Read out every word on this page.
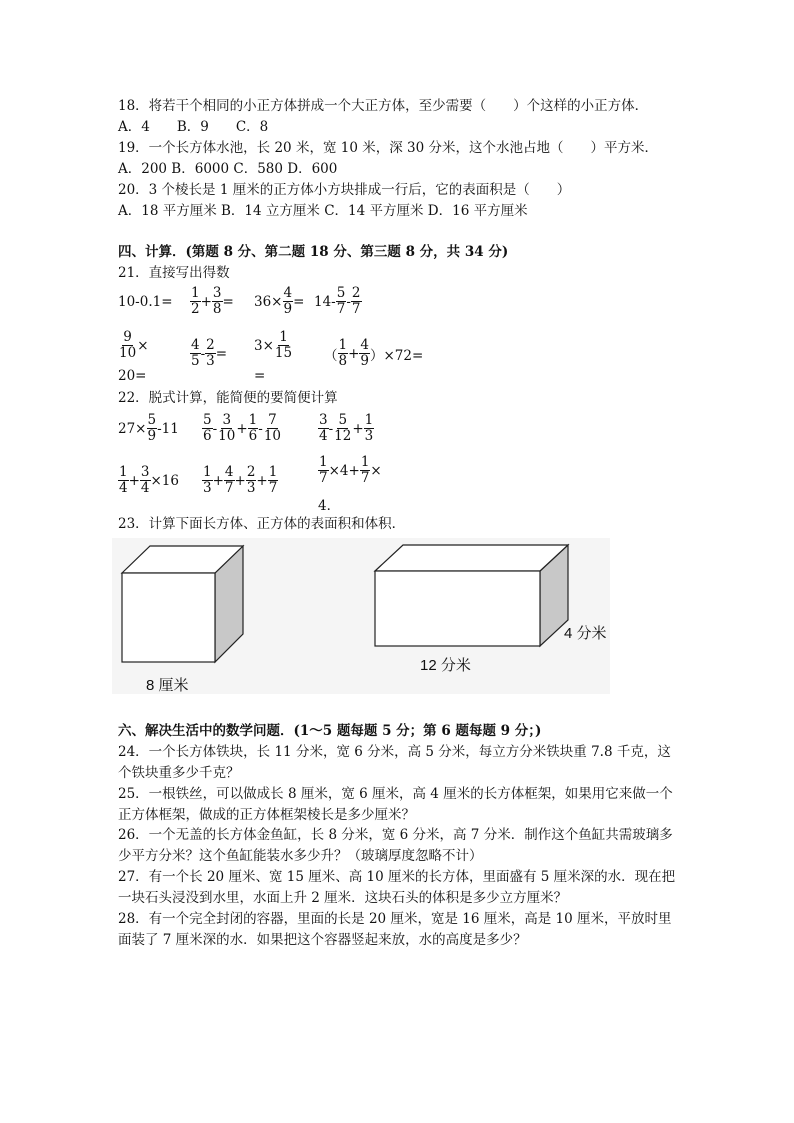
18．将若干个相同的小正方体拼成一个大正方体，至少需要（　　）个这样的小正方体．
A．4　　B．9　　C．8
19．一个长方体水池，长 20 米，宽 10 米，深 30 分米，这个水池占地（　　）平方米．
A．200 B．6000 C．580 D．600
20．3 个棱长是 1 厘米的正方体小方块排成一行后，它的表面积是（　　）
A．18 平方厘米 B．14 立方厘米 C．14 平方厘米 D．16 平方厘米
四、计算．(第题 8 分、第二题 18 分、第三题 8 分，共 34 分)
21．直接写出得数
$10-0.1= \frac{1}{2} + \frac{3}{8} = 36\times \frac{4}{9} = 14- \frac{5}{7} - \frac{2}{7}$
$\frac{9}{10}$ ×
20=
$\frac{4}{5} - \frac{2}{3} = 3\times \frac{1}{15}$
=
（ $\frac{1}{8} + \frac{4}{9} )\times 72=$
22．脱式计算，能简便的要简便计算
$27\times \frac{5}{9} -11 \frac{5}{6} - \frac{3}{10} + \frac{1}{6} - \frac{7}{10}$	$\frac{3}{4} - \frac{5}{12} + \frac{1}{3}$
$\frac{1}{4} + \frac{3}{4} \times 16 \frac{1}{3} + \frac{4}{7} + \frac{2}{3} + \frac{1}{7}$	$\frac{1}{7} \times 4+ \frac{1}{7}$ ×
4．
23．计算下面长方体、正方体的表面积和体积．
8 厘米
12 分米
4 分米
六、解决生活中的数学问题．(1～5 题每题 5 分；第 6 题每题 9 分；)
24．一个长方体铁块，长 11 分米，宽 6 分米，高 5 分米，每立方分米铁块重 7.8 千克，这
个铁块重多少千克？
25．一根铁丝，可以做成长 8 厘米，宽 6 厘米，高 4 厘米的长方体框架，如果用它来做一个
正方体框架，做成的正方体框架棱长是多少厘米？
26．一个无盖的长方体金鱼缸，长 8 分米，宽 6 分米，高 7 分米．制作这个鱼缸共需玻璃多
少平方分米？这个鱼缸能装水多少升？（玻璃厚度忽略不计）
27．有一个长 20 厘米、宽 15 厘米、高 10 厘米的长方体，里面盛有 5 厘米深的水．现在把
一块石头浸没到水里，水面上升 2 厘米．这块石头的体积是多少立方厘米？
28．有一个完全封闭的容器，里面的长是 20 厘米，宽是 16 厘米，高是 10 厘米，平放时里
面装了 7 厘米深的水．如果把这个容器竖起来放，水的高度是多少？
